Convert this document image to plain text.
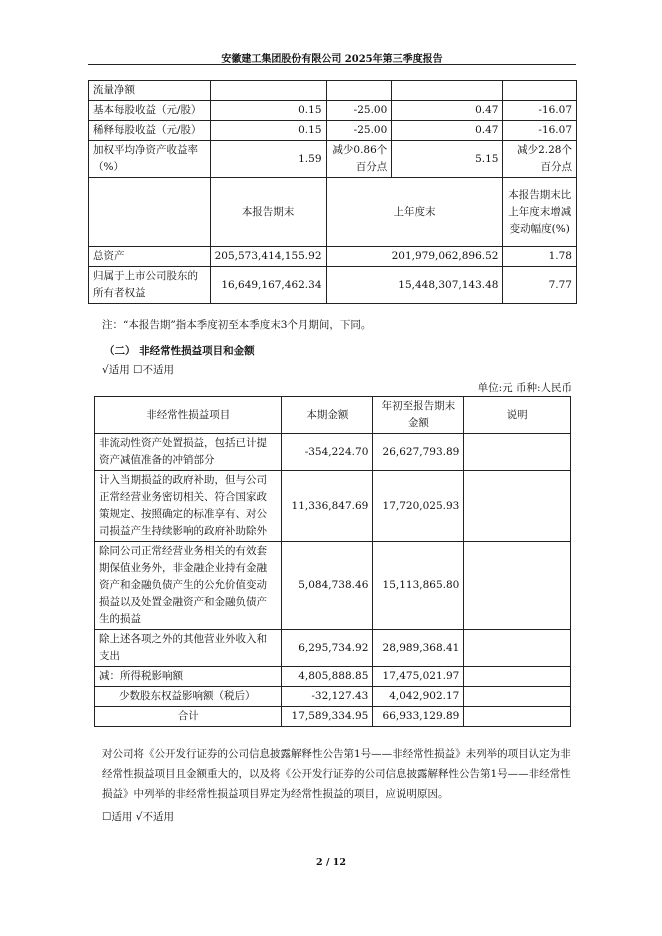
安徽建工集团股份有限公司 2025年第三季度报告
流量净额				
基本每股收益（元/股）	0.15	-25.00	0.47	-16.07
稀释每股收益（元/股）	0.15	-25.00	0.47	-16.07
加权平均净资产收益率（%）	1.59	减少0.86个百分点	5.15	减少2.28个百分点
	本报告期末	上年度末		本报告期末比上年度末增减变动幅度(%)
总资产	205,573,414,155.92	201,979,062,896.52		1.78
归属于上市公司股东的所有者权益	16,649,167,462.34	15,448,307,143.48		7.77
注：“本报告期”指本季度初至本季度末3个月期间，下同。
（二） 非经常性损益项目和金额
√适用 ☐不适用
单位:元 币种:人民币
非经常性损益项目	本期金额	年初至报告期末金额	说明
非流动性资产处置损益，包括已计提资产减值准备的冲销部分	-354,224.70	26,627,793.89	
计入当期损益的政府补助，但与公司正常经营业务密切相关、符合国家政策规定、按照确定的标准享有、对公司损益产生持续影响的政府补助除外	11,336,847.69	17,720,025.93	
除同公司正常经营业务相关的有效套期保值业务外，非金融企业持有金融资产和金融负债产生的公允价值变动损益以及处置金融资产和金融负债产生的损益	5,084,738.46	15,113,865.80	
除上述各项之外的其他营业外收入和支出	6,295,734.92	28,989,368.41	
减：所得税影响额	4,805,888.85	17,475,021.97	
少数股东权益影响额（税后）	-32,127.43	4,042,902.17	
合计	17,589,334.95	66,933,129.89	
对公司将《公开发行证券的公司信息披露解释性公告第1号——非经常性损益》未列举的项目认定为非经常性损益项目且金额重大的，以及将《公开发行证券的公司信息披露解释性公告第1号——非经常性损益》中列举的非经常性损益项目界定为经常性损益的项目，应说明原因。
☐适用 √不适用
2 / 12
